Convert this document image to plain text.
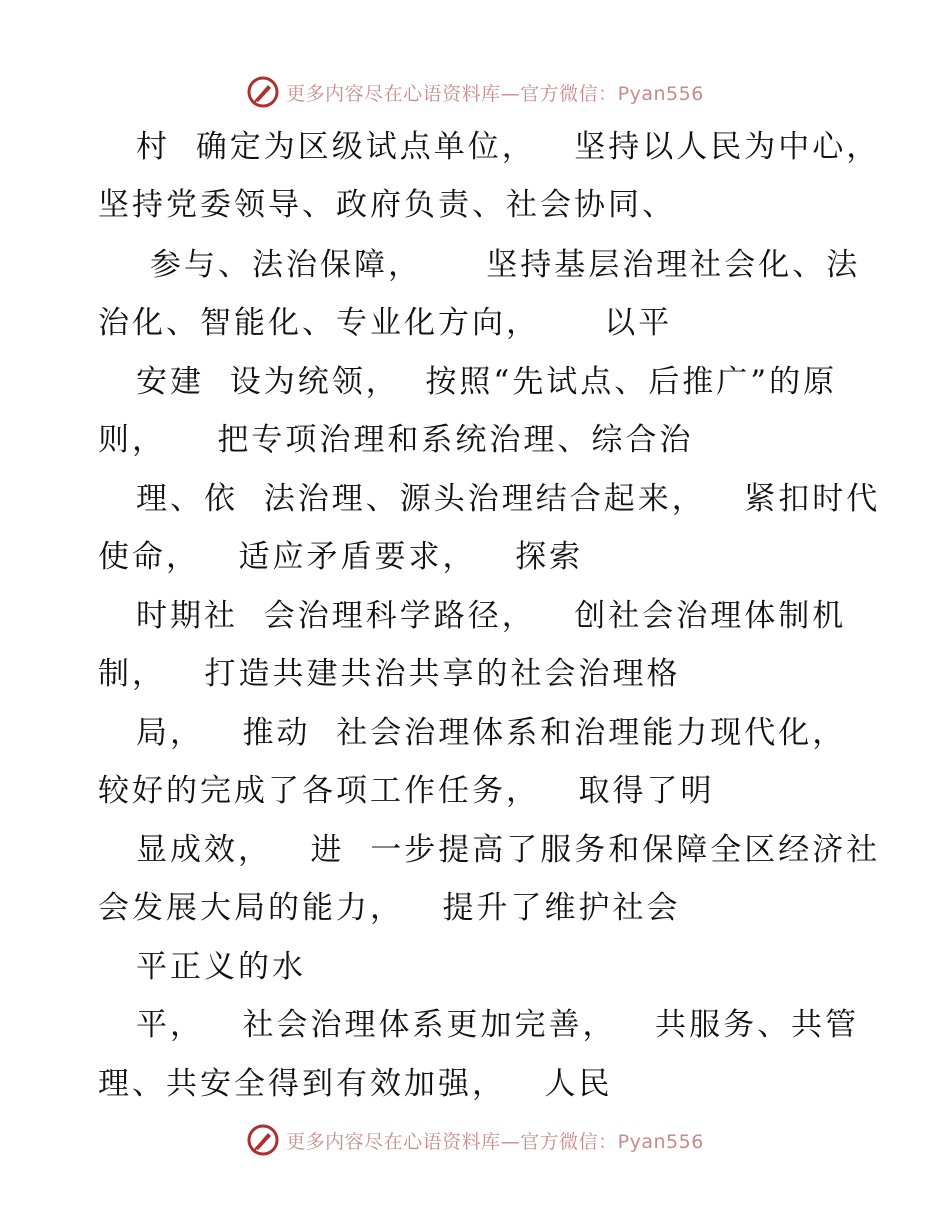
更多内容尽在心语资料库—官方微信：Pyan556
村  确定为区级试点单位，   坚持以人民为中心，
坚持党委领导、政府负责、社会协同、
参与、法治保障，     坚持基层治理社会化、法
治化、智能化、专业化方向，     以平
安建  设为统领，  按照“先试点、后推广”的原
则，    把专项治理和系统治理、综合治
理、依  法治理、源头治理结合起来，   紧扣时代
使命，   适应矛盾要求，   探索
时期社  会治理科学路径，   创社会治理体制机
制，   打造共建共治共享的社会治理格
局，   推动  社会治理体系和治理能力现代化，
较好的完成了各项工作任务，   取得了明
显成效，   进  一步提高了服务和保障全区经济社
会发展大局的能力，   提升了维护社会
平正义的水
平，   社会治理体系更加完善，   共服务、共管
理、共安全得到有效加强，   人民
更多内容尽在心语资料库—官方微信：Pyan556
